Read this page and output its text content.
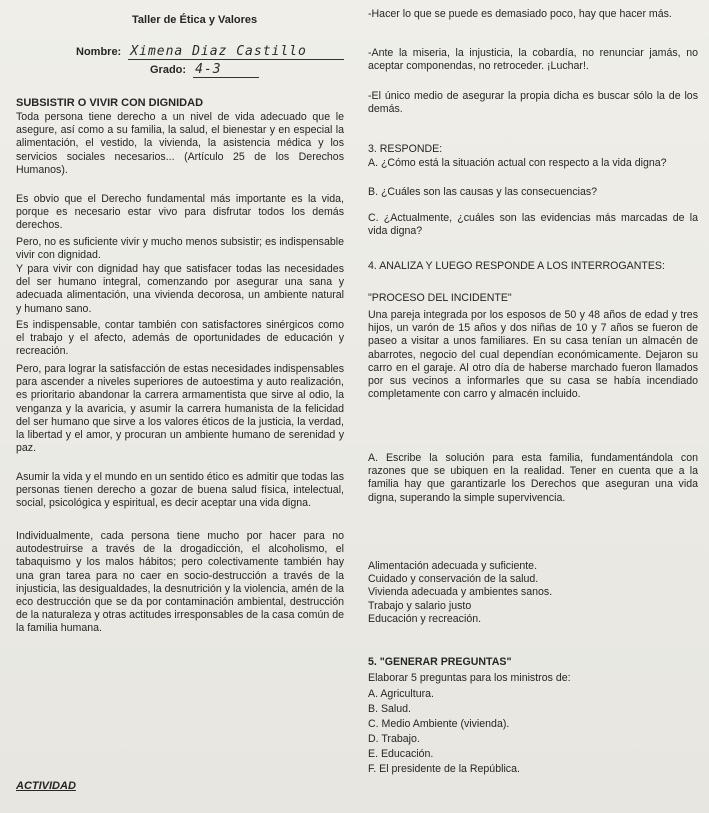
Taller de Ética y Valores
Nombre: Ximena Diaz Castillo
Grado: 4-3
SUBSISTIR O VIVIR CON DIGNIDAD

Toda persona tiene derecho a un nivel de vida adecuado que le asegure, así como a su familia, la salud, el bienestar y en especial la alimentación, el vestido, la vivienda, la asistencia médica y los servicios sociales necesarios... (Artículo 25 de los Derechos Humanos).

Es obvio que el Derecho fundamental más importante es la vida, porque es necesario estar vivo para disfrutar todos los demás derechos.

Pero, no es suficiente vivir y mucho menos subsistir; es indispensable vivir con dignidad.

Y para vivir con dignidad hay que satisfacer todas las necesidades del ser humano integral, comenzando por asegurar una sana y adecuada alimentación, una vivienda decorosa, un ambiente natural y humano sano.

Es indispensable, contar también con satisfactores sinérgicos como el trabajo y el afecto, además de oportunidades de educación y recreación.

Pero, para lograr la satisfacción de estas necesidades indispensables para ascender a niveles superiores de autoestima y auto realización, es prioritario abandonar la carrera armamentista que sirve al odio, la venganza y la avaricia, y asumir la carrera humanista de la felicidad del ser humano que sirve a los valores éticos de la justicia, la verdad, la libertad y el amor, y procuran un ambiente humano de serenidad y paz.

Asumir la vida y el mundo en un sentido ético es admitir que todas las personas tienen derecho a gozar de buena salud física, intelectual, social, psicológica y espiritual, es decir aceptar una vida digna.

Individualmente, cada persona tiene mucho por hacer para no autodestruirse a través de la drogadicción, el alcoholismo, el tabaquismo y los malos hábitos; pero colectivamente también hay una gran tarea para no caer en socio-destrucción a través de la injusticia, las desigualdades, la desnutrición y la violencia, amén de la eco destrucción que se da por contaminación ambiental, destrucción de la naturaleza y otras actitudes irresponsables de la casa común de la familia humana.

ACTIVIDAD

-Hacer lo que se puede es demasiado poco, hay que hacer más.

-Ante la miseria, la injusticia, la cobardía, no renunciar jamás, no aceptar componendas, no retroceder. ¡Luchar!.

-El único medio de asegurar la propia dicha es buscar sólo la de los demás.

3. RESPONDE:

A. ¿Cómo está la situación actual con respecto a la vida digna?

B. ¿Cuáles son las causas y las consecuencias?

C. ¿Actualmente, ¿cuáles son las evidencias más marcadas de la vida digna?

4. ANALIZA Y LUEGO RESPONDE A LOS INTERROGANTES:
"PROCESO DEL INCIDENTE"

Una pareja integrada por los esposos de 50 y 48 años de edad y tres hijos, un varón de 15 años y dos niñas de 10 y 7 años se fueron de paseo a visitar a unos familiares. En su casa tenían un almacén de abarrotes, negocio del cual dependían económicamente. Dejaron su carro en el garaje. Al otro día de haberse marchado fueron llamados por sus vecinos a informarles que su casa se había incendiado completamente con carro y almacén incluido.

A. Escribe la solución para esta familia, fundamentándola con razones que se ubiquen en la realidad. Tener en cuenta que a la familia hay que garantizarle los Derechos que aseguran una vida digna, superando la simple supervivencia.

Alimentación adecuada y suficiente.
Cuidado y conservación de la salud.
Vivienda adecuada y ambientes sanos.
Trabajo y salario justo
Educación y recreación.
5. "GENERAR PREGUNTAS"
Elaborar 5 preguntas para los ministros de:
A. Agricultura.
B. Salud.
C. Medio Ambiente (vivienda).
D. Trabajo.
E. Educación.
F. El presidente de la República.
